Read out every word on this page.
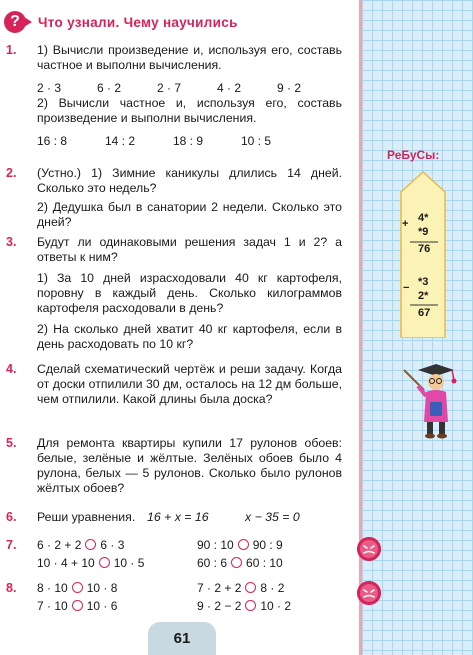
?	Что узнали. Чему научились
1. 1) Вычисли произведение и, используя его, составь частное и выполни вычисления.

2 · 3	6 · 2	2 · 7	4 · 2	9 · 2

2) Вычисли частное и, используя его, составь произведение и выполни вычисления.

16 : 8	14 : 2	18 : 9	10 : 5
2. (Устно.) 1) Зимние каникулы длились 14 дней. Сколько это недель?

2) Дедушка был в санатории 2 недели. Сколько это дней?

3. Будут ли одинаковыми решения задач 1 и 2? а ответы к ним?

1) За 10 дней израсходовали 40 кг картофеля, поровну в каждый день. Сколько килограммов картофеля расходовали в день?

2) На сколько дней хватит 40 кг картофеля, если в день расходовать по 10 кг?

4. Сделай схематический чертёж и реши задачу. Когда от доски отпилили 30 дм, осталось на 12 дм больше, чем отпилили. Какой длины была доска?

5. Для ремонта квартиры купили 17 рулонов обоев: белые, зелёные и жёлтые. Зелёных обоев было 4 рулона, белых — 5 рулонов. Сколько было рулонов жёлтых обоев?

6. Реши уравнения. 16 + x = 16	x − 35 = 0
7. 6 · 2 + 2 6 · 3	90 : 10 90 : 9
10 · 4 + 10 10 · 5	60 : 6 60 : 10
8. 8 · 10 10 · 8	7 · 2 + 2 8 · 2
7 · 10 10 · 6	9 · 2 − 2 10 · 2
61
РеБуСы:
+ 4*
*9
76
− *3
2*
67
